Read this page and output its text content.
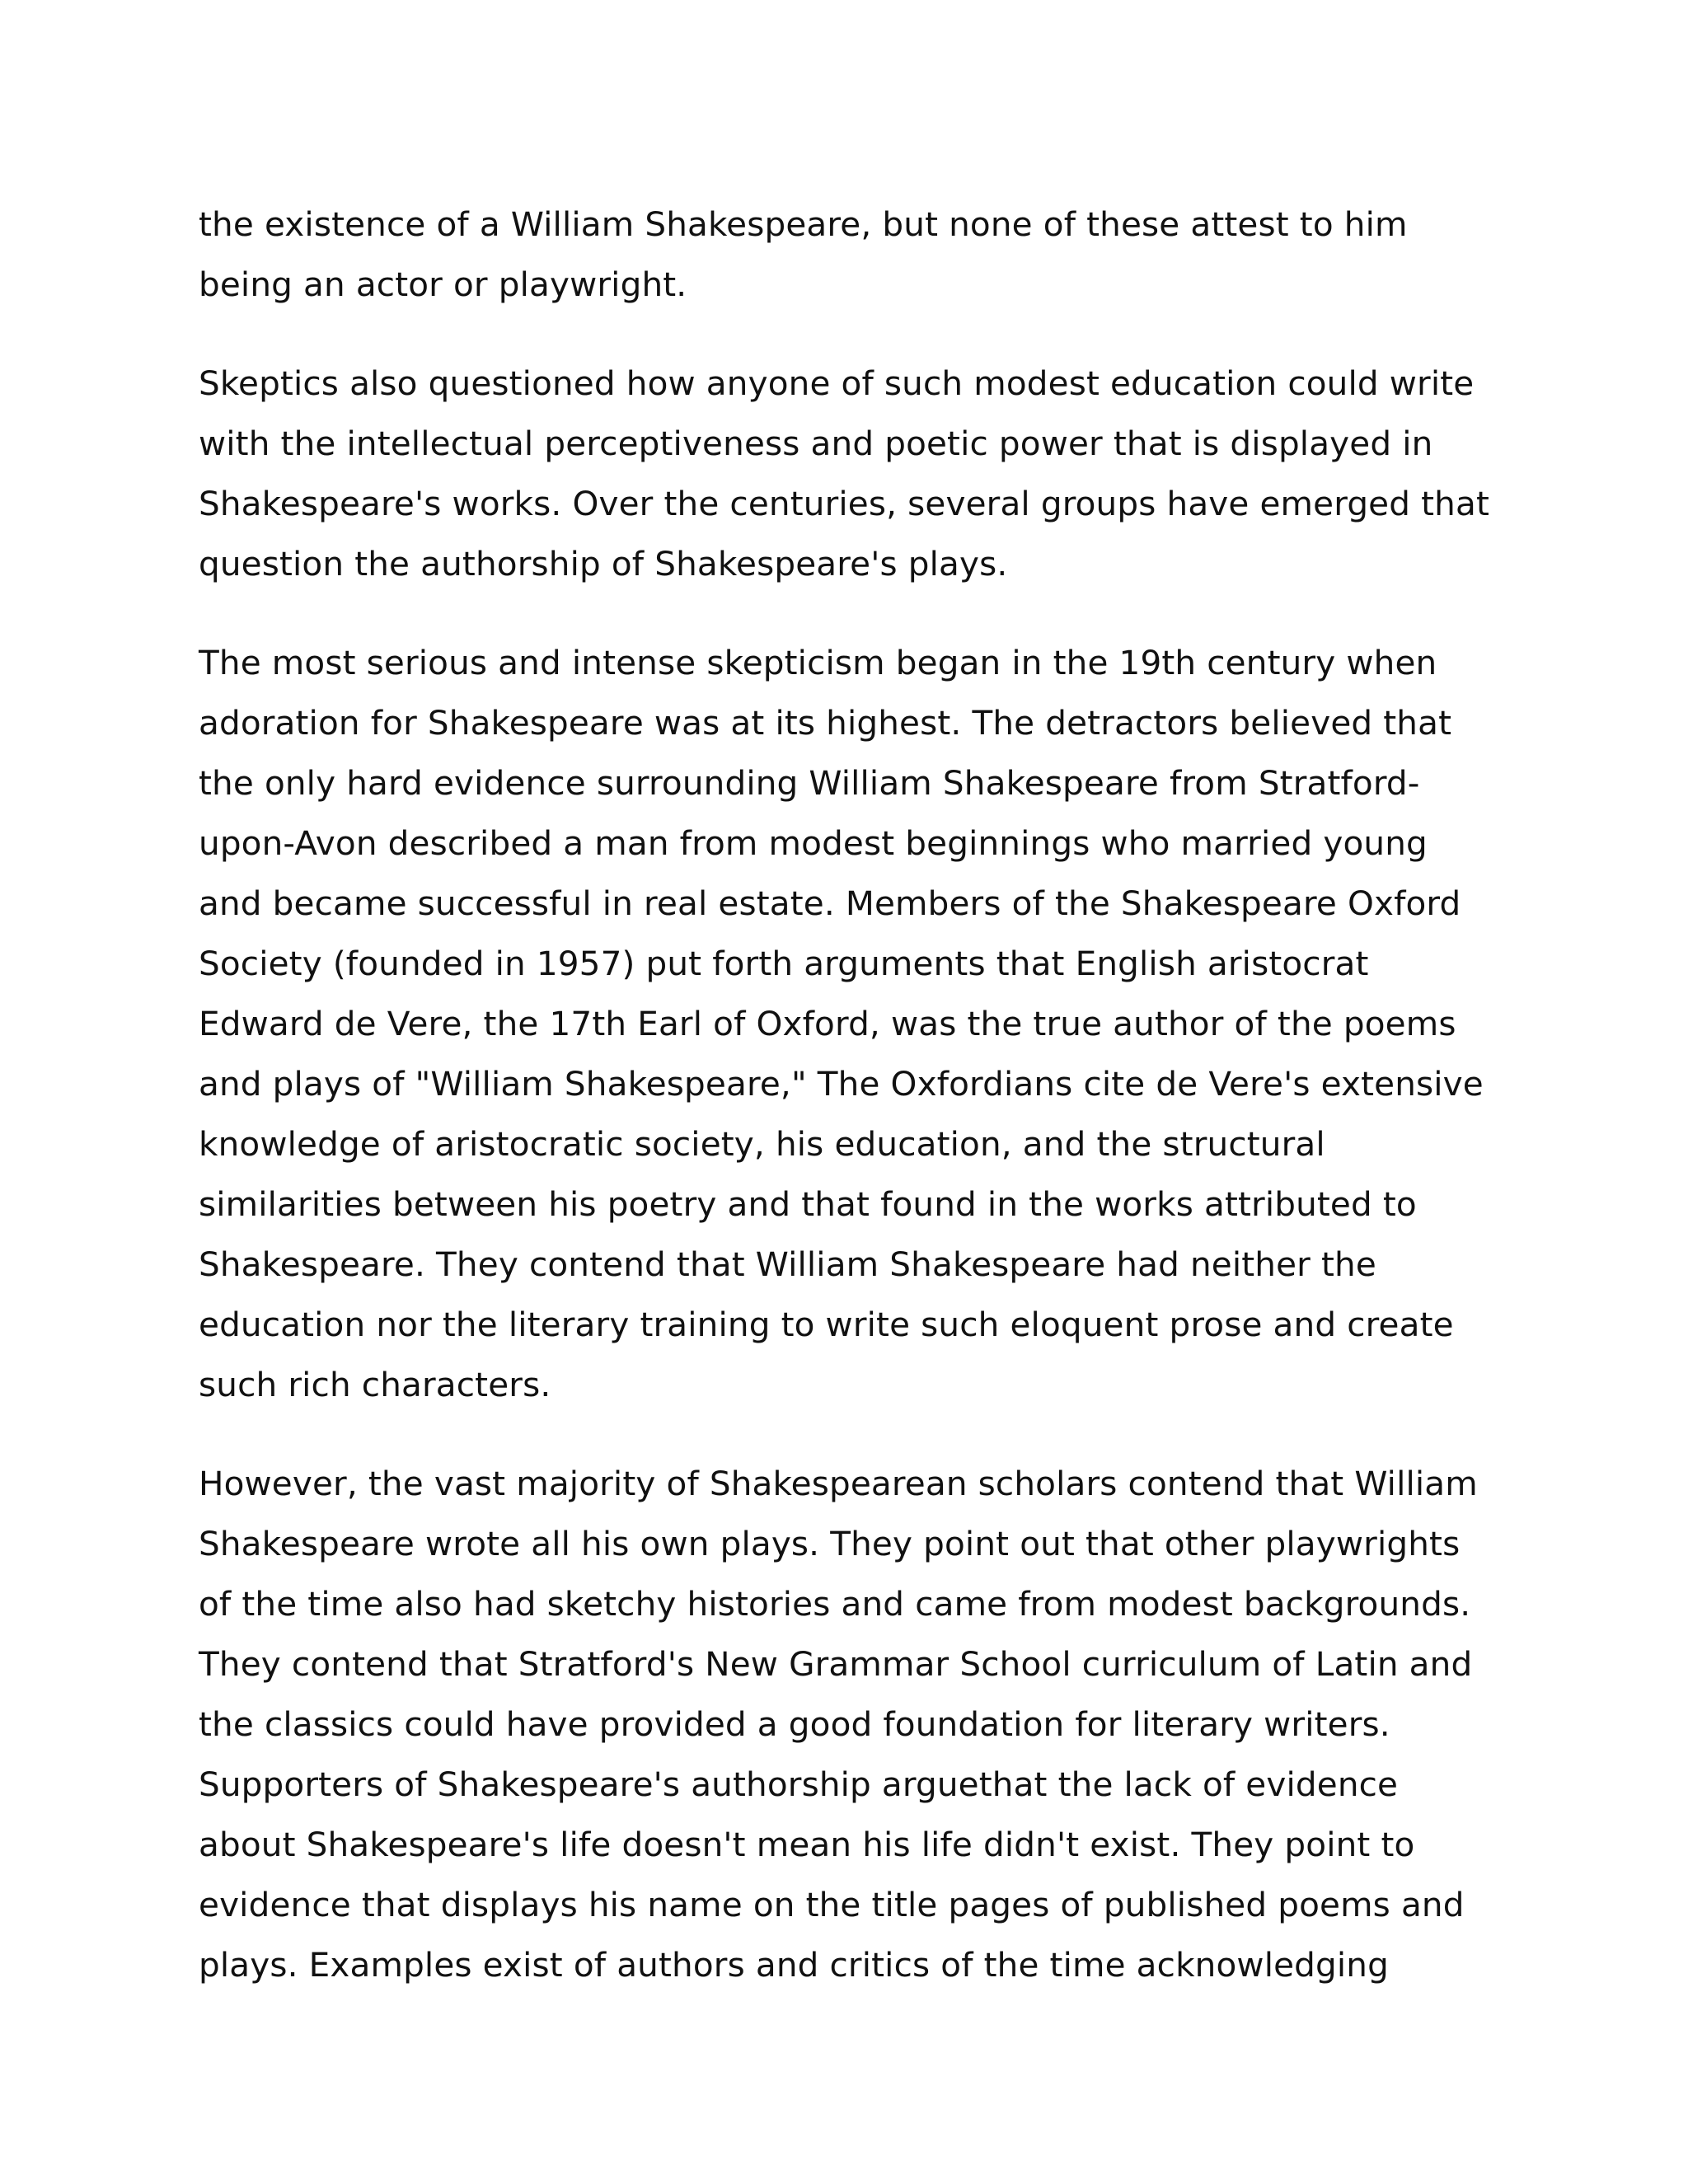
the existence of a William Shakespeare, but none of these attest to him
being an actor or playwright.

Skeptics also questioned how anyone of such modest education could write
with the intellectual perceptiveness and poetic power that is displayed in
Shakespeare's works. Over the centuries, several groups have emerged that
question the authorship of Shakespeare's plays.

The most serious and intense skepticism began in the 19th century when
adoration for Shakespeare was at its highest. The detractors believed that
the only hard evidence surrounding William Shakespeare from Stratford-
upon-Avon described a man from modest beginnings who married young
and became successful in real estate. Members of the Shakespeare Oxford
Society (founded in 1957) put forth arguments that English aristocrat
Edward de Vere, the 17th Earl of Oxford, was the true author of the poems
and plays of "William Shakespeare," The Oxfordians cite de Vere's extensive
knowledge of aristocratic society, his education, and the structural
similarities between his poetry and that found in the works attributed to
Shakespeare. They contend that William Shakespeare had neither the
education nor the literary training to write such eloquent prose and create
such rich characters.

However, the vast majority of Shakespearean scholars contend that William
Shakespeare wrote all his own plays. They point out that other playwrights
of the time also had sketchy histories and came from modest backgrounds.
They contend that Stratford's New Grammar School curriculum of Latin and
the classics could have provided a good foundation for literary writers.
Supporters of Shakespeare's authorship arguethat the lack of evidence
about Shakespeare's life doesn't mean his life didn't exist. They point to
evidence that displays his name on the title pages of published poems and
plays. Examples exist of authors and critics of the time acknowledging
